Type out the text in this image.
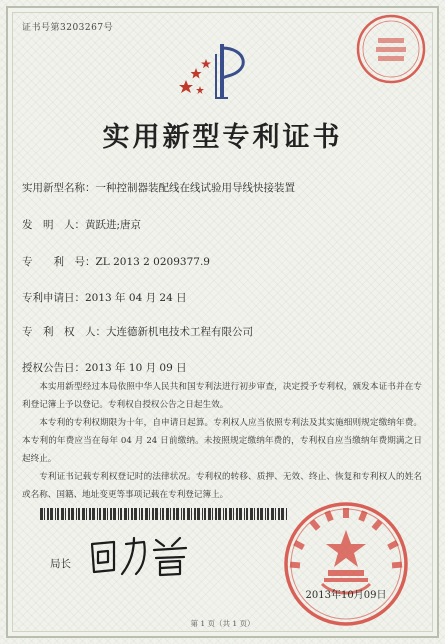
证书号第3203267号
实用新型专利证书
实用新型名称：一种控制器装配线在线试验用导线快接装置
发　明　人：黄跃进;唐京
专　　利　号：ZL 2013 2 0209377.9
专利申请日：2013 年 04 月 24 日
专　利　权　人：大连德新机电技术工程有限公司
授权公告日：2013 年 10 月 09 日

本实用新型经过本局依照中华人民共和国专利法进行初步审查，决定授予专利权，颁发本证书并在专利登记簿上予以登记。专利权自授权公告之日起生效。

本专利的专利权期限为十年，自申请日起算。专利权人应当依照专利法及其实施细则规定缴纳年费。本专利的年费应当在每年 04 月 24 日前缴纳。未按照规定缴纳年费的，专利权自应当缴纳年费期满之日起终止。

专利证书记载专利权登记时的法律状况。专利权的转移、质押、无效、终止、恢复和专利权人的姓名或名称、国籍、地址变更等事项记载在专利登记簿上。

局长
2013年10月09日
第 1 页（共 1 页）
